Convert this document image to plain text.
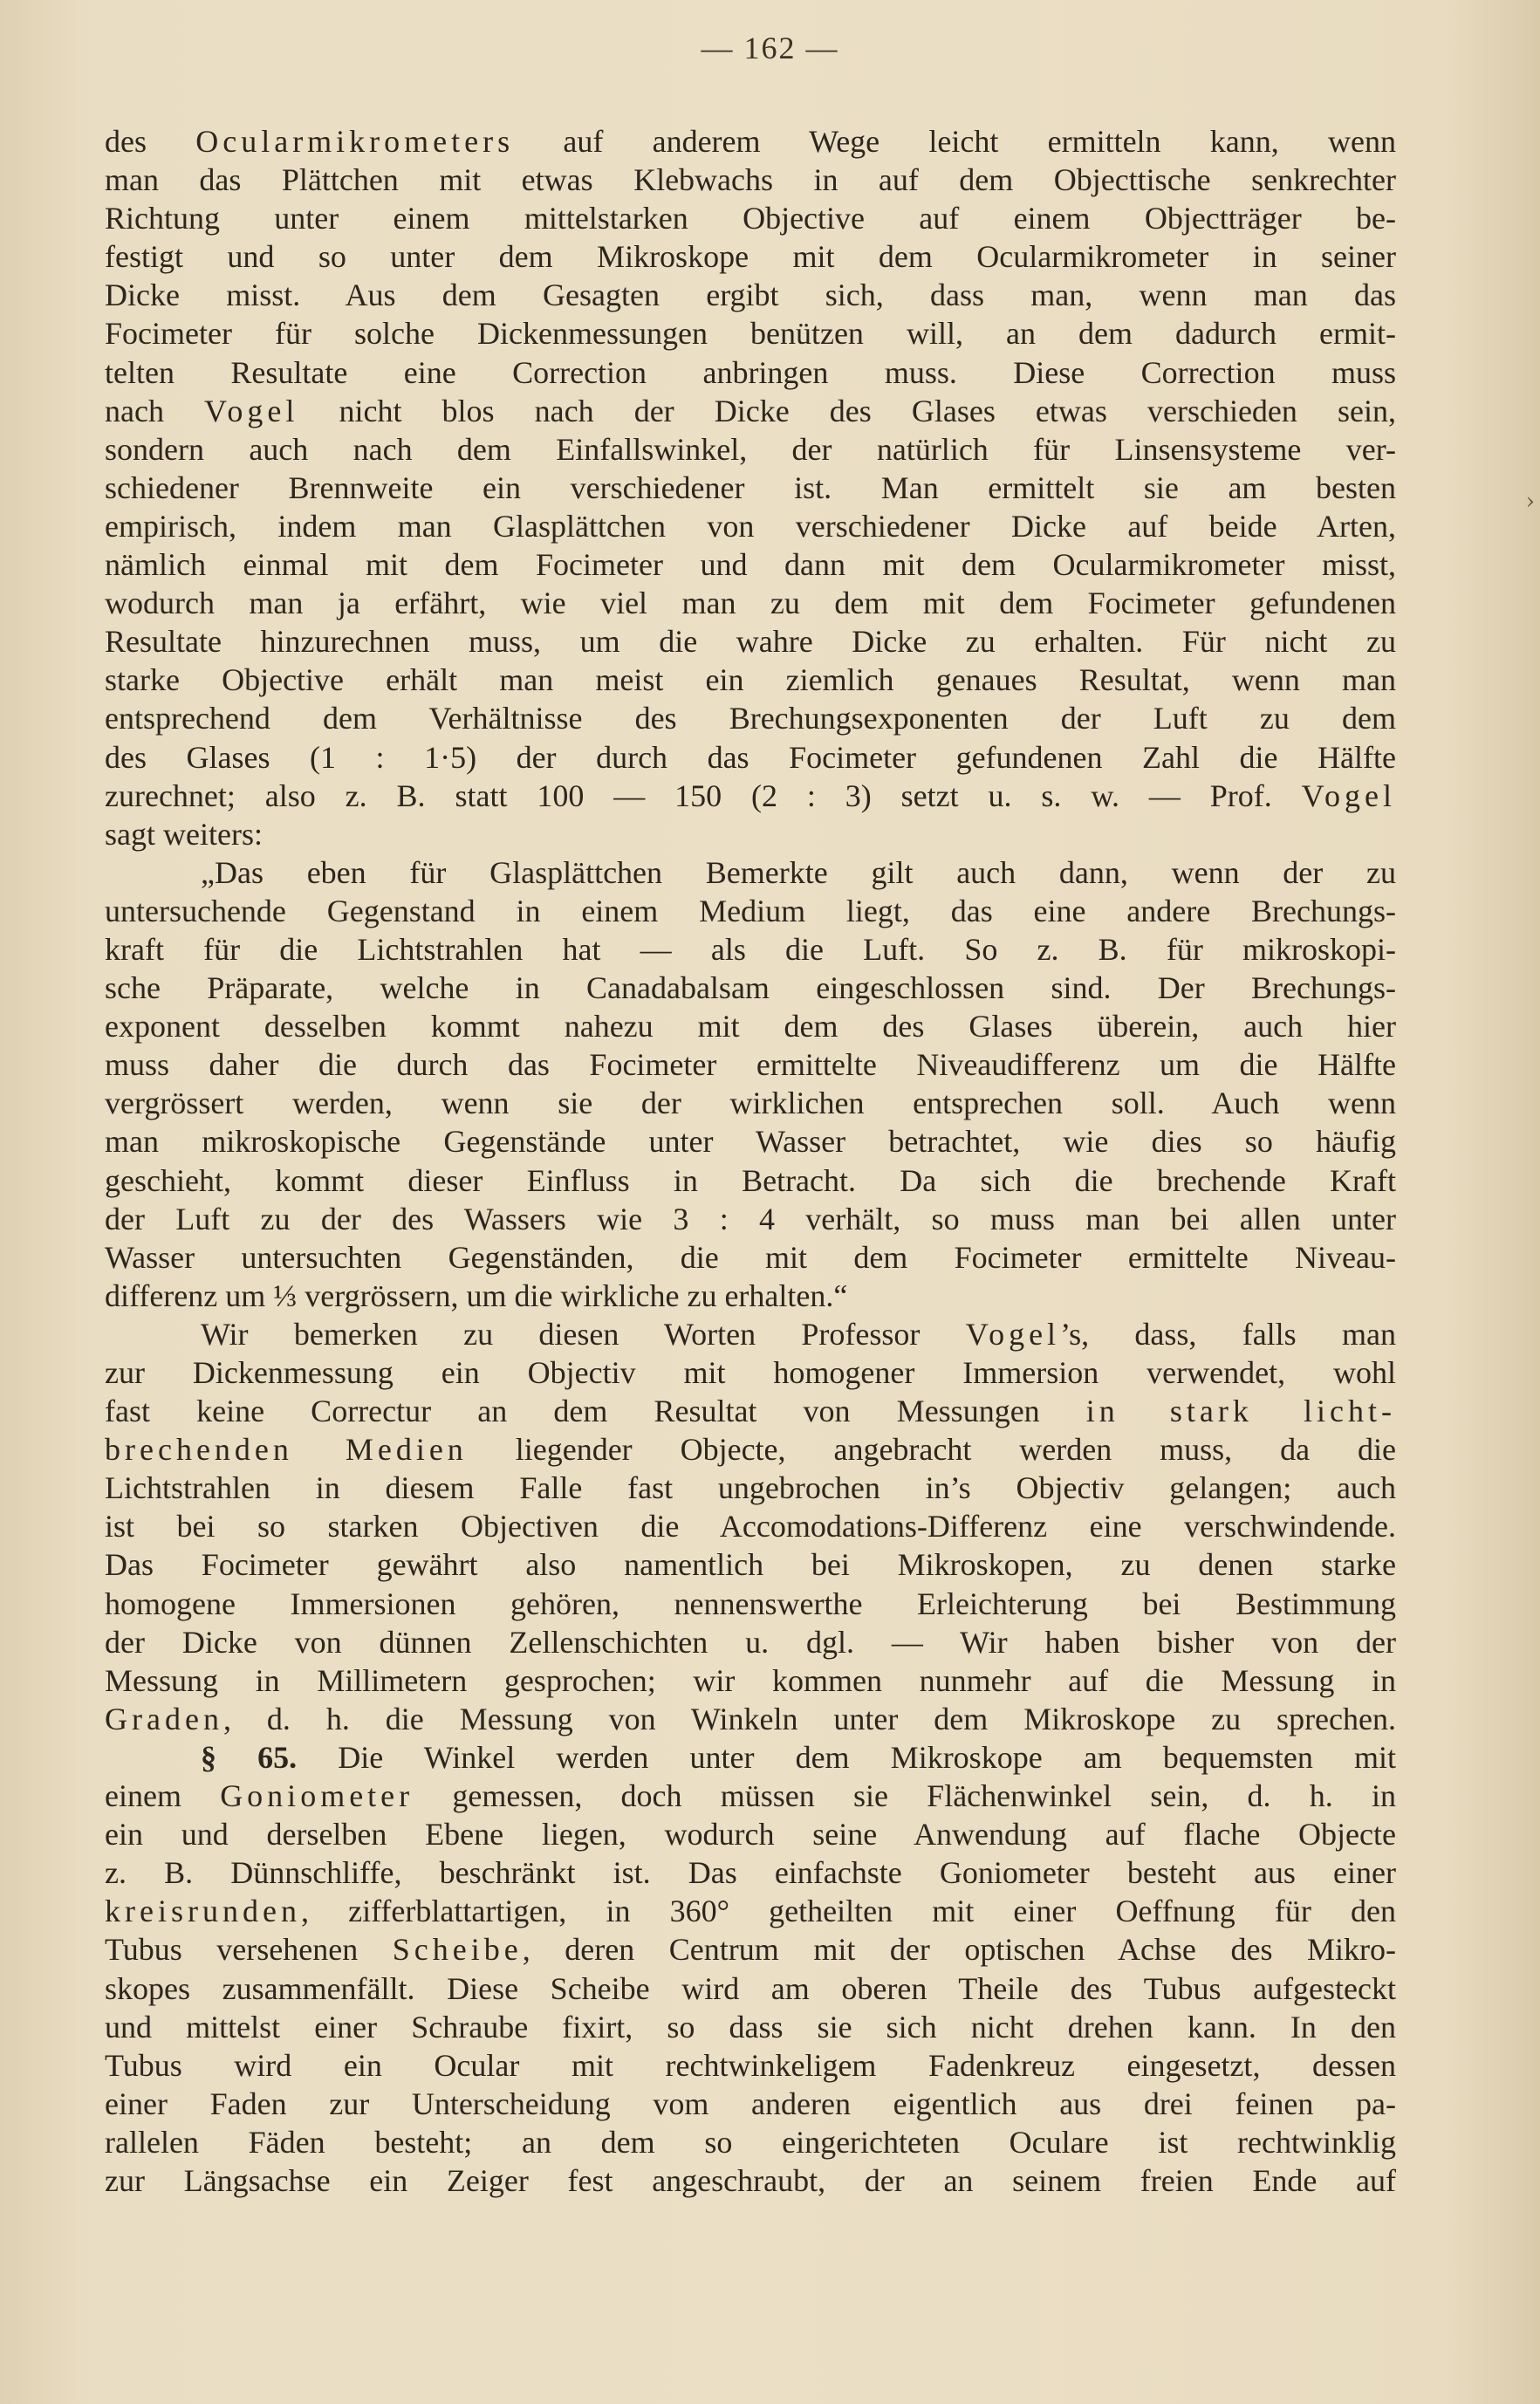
— 162 —
›
des Ocularmikrometers auf anderem Wege leicht ermitteln kann, wenn
man das Plättchen mit etwas Klebwachs in auf dem Objecttische senkrechter
Richtung unter einem mittelstarken Objective auf einem Objectträger be-
festigt und so unter dem Mikroskope mit dem Ocularmikrometer in seiner
Dicke misst. Aus dem Gesagten ergibt sich, dass man, wenn man das
Focimeter für solche Dickenmessungen benützen will, an dem dadurch ermit-
telten Resultate eine Correction anbringen muss. Diese Correction muss
nach Vogel nicht blos nach der Dicke des Glases etwas verschieden sein,
sondern auch nach dem Einfallswinkel, der natürlich für Linsensysteme ver-
schiedener Brennweite ein verschiedener ist. Man ermittelt sie am besten
empirisch, indem man Glasplättchen von verschiedener Dicke auf beide Arten,
nämlich einmal mit dem Focimeter und dann mit dem Ocularmikrometer misst,
wodurch man ja erfährt, wie viel man zu dem mit dem Focimeter gefundenen
Resultate hinzurechnen muss, um die wahre Dicke zu erhalten. Für nicht zu
starke Objective erhält man meist ein ziemlich genaues Resultat, wenn man
entsprechend dem Verhältnisse des Brechungsexponenten der Luft zu dem
des Glases (1 : 1·5) der durch das Focimeter gefundenen Zahl die Hälfte
zurechnet; also z. B. statt 100 — 150 (2 : 3) setzt u. s. w. — Prof. Vogel
sagt weiters:
„Das eben für Glasplättchen Bemerkte gilt auch dann, wenn der zu
untersuchende Gegenstand in einem Medium liegt, das eine andere Brechungs-
kraft für die Lichtstrahlen hat — als die Luft. So z. B. für mikroskopi-
sche Präparate, welche in Canadabalsam eingeschlossen sind. Der Brechungs-
exponent desselben kommt nahezu mit dem des Glases überein, auch hier
muss daher die durch das Focimeter ermittelte Niveaudifferenz um die Hälfte
vergrössert werden, wenn sie der wirklichen entsprechen soll. Auch wenn
man mikroskopische Gegenstände unter Wasser betrachtet, wie dies so häufig
geschieht, kommt dieser Einfluss in Betracht. Da sich die brechende Kraft
der Luft zu der des Wassers wie 3 : 4 verhält, so muss man bei allen unter
Wasser untersuchten Gegenständen, die mit dem Focimeter ermittelte Niveau-
differenz um ⅓ vergrössern, um die wirkliche zu erhalten.“
Wir bemerken zu diesen Worten Professor Vogel’s, dass, falls man
zur Dickenmessung ein Objectiv mit homogener Immersion verwendet, wohl
fast keine Correctur an dem Resultat von Messungen in stark licht-
brechenden Medien liegender Objecte, angebracht werden muss, da die
Lichtstrahlen in diesem Falle fast ungebrochen in’s Objectiv gelangen; auch
ist bei so starken Objectiven die Accomodations-Differenz eine verschwindende.
Das Focimeter gewährt also namentlich bei Mikroskopen, zu denen starke
homogene Immersionen gehören, nennenswerthe Erleichterung bei Bestimmung
der Dicke von dünnen Zellenschichten u. dgl. — Wir haben bisher von der
Messung in Millimetern gesprochen; wir kommen nunmehr auf die Messung in
Graden, d. h. die Messung von Winkeln unter dem Mikroskope zu sprechen.
§ 65. Die Winkel werden unter dem Mikroskope am bequemsten mit
einem Goniometer gemessen, doch müssen sie Flächenwinkel sein, d. h. in
ein und derselben Ebene liegen, wodurch seine Anwendung auf flache Objecte
z. B. Dünnschliffe, beschränkt ist. Das einfachste Goniometer besteht aus einer
kreisrunden, zifferblattartigen, in 360° getheilten mit einer Oeffnung für den
Tubus versehenen Scheibe, deren Centrum mit der optischen Achse des Mikro-
skopes zusammenfällt. Diese Scheibe wird am oberen Theile des Tubus aufgesteckt
und mittelst einer Schraube fixirt, so dass sie sich nicht drehen kann. In den
Tubus wird ein Ocular mit rechtwinkeligem Fadenkreuz eingesetzt, dessen
einer Faden zur Unterscheidung vom anderen eigentlich aus drei feinen pa-
rallelen Fäden besteht; an dem so eingerichteten Oculare ist rechtwinklig
zur Längsachse ein Zeiger fest angeschraubt, der an seinem freien Ende auf
